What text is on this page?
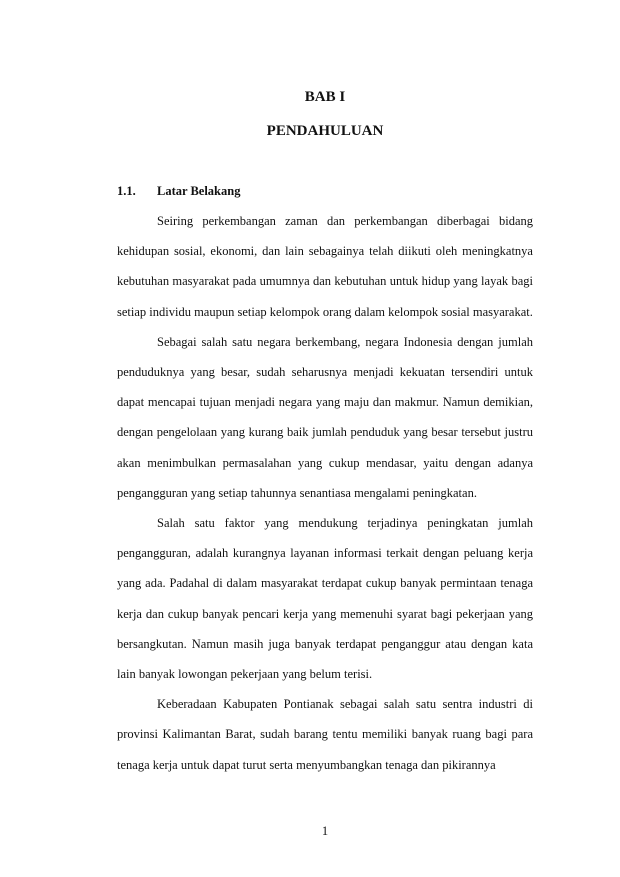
BAB I
PENDAHULUAN
1.1. Latar Belakang

Seiring perkembangan zaman dan perkembangan diberbagai bidang kehidupan sosial, ekonomi, dan lain sebagainya telah diikuti oleh meningkatnya kebutuhan masyarakat pada umumnya dan kebutuhan untuk hidup yang layak bagi setiap individu maupun setiap kelompok orang dalam kelompok sosial masyarakat.

Sebagai salah satu negara berkembang, negara Indonesia dengan jumlah penduduknya yang besar, sudah seharusnya menjadi kekuatan tersendiri untuk dapat mencapai tujuan menjadi negara yang maju dan makmur. Namun demikian, dengan pengelolaan yang kurang baik jumlah penduduk yang besar tersebut justru akan menimbulkan permasalahan yang cukup mendasar, yaitu dengan adanya pengangguran yang setiap tahunnya senantiasa mengalami peningkatan.

Salah satu faktor yang mendukung terjadinya peningkatan jumlah pengangguran, adalah kurangnya layanan informasi terkait dengan peluang kerja yang ada. Padahal di dalam masyarakat terdapat cukup banyak permintaan tenaga kerja dan cukup banyak pencari kerja yang memenuhi syarat bagi pekerjaan yang bersangkutan. Namun masih juga banyak terdapat penganggur atau dengan kata lain banyak lowongan pekerjaan yang belum terisi.

Keberadaan Kabupaten Pontianak sebagai salah satu sentra industri di provinsi Kalimantan Barat, sudah barang tentu memiliki banyak ruang bagi para tenaga kerja untuk dapat turut serta menyumbangkan tenaga dan pikirannya

1
